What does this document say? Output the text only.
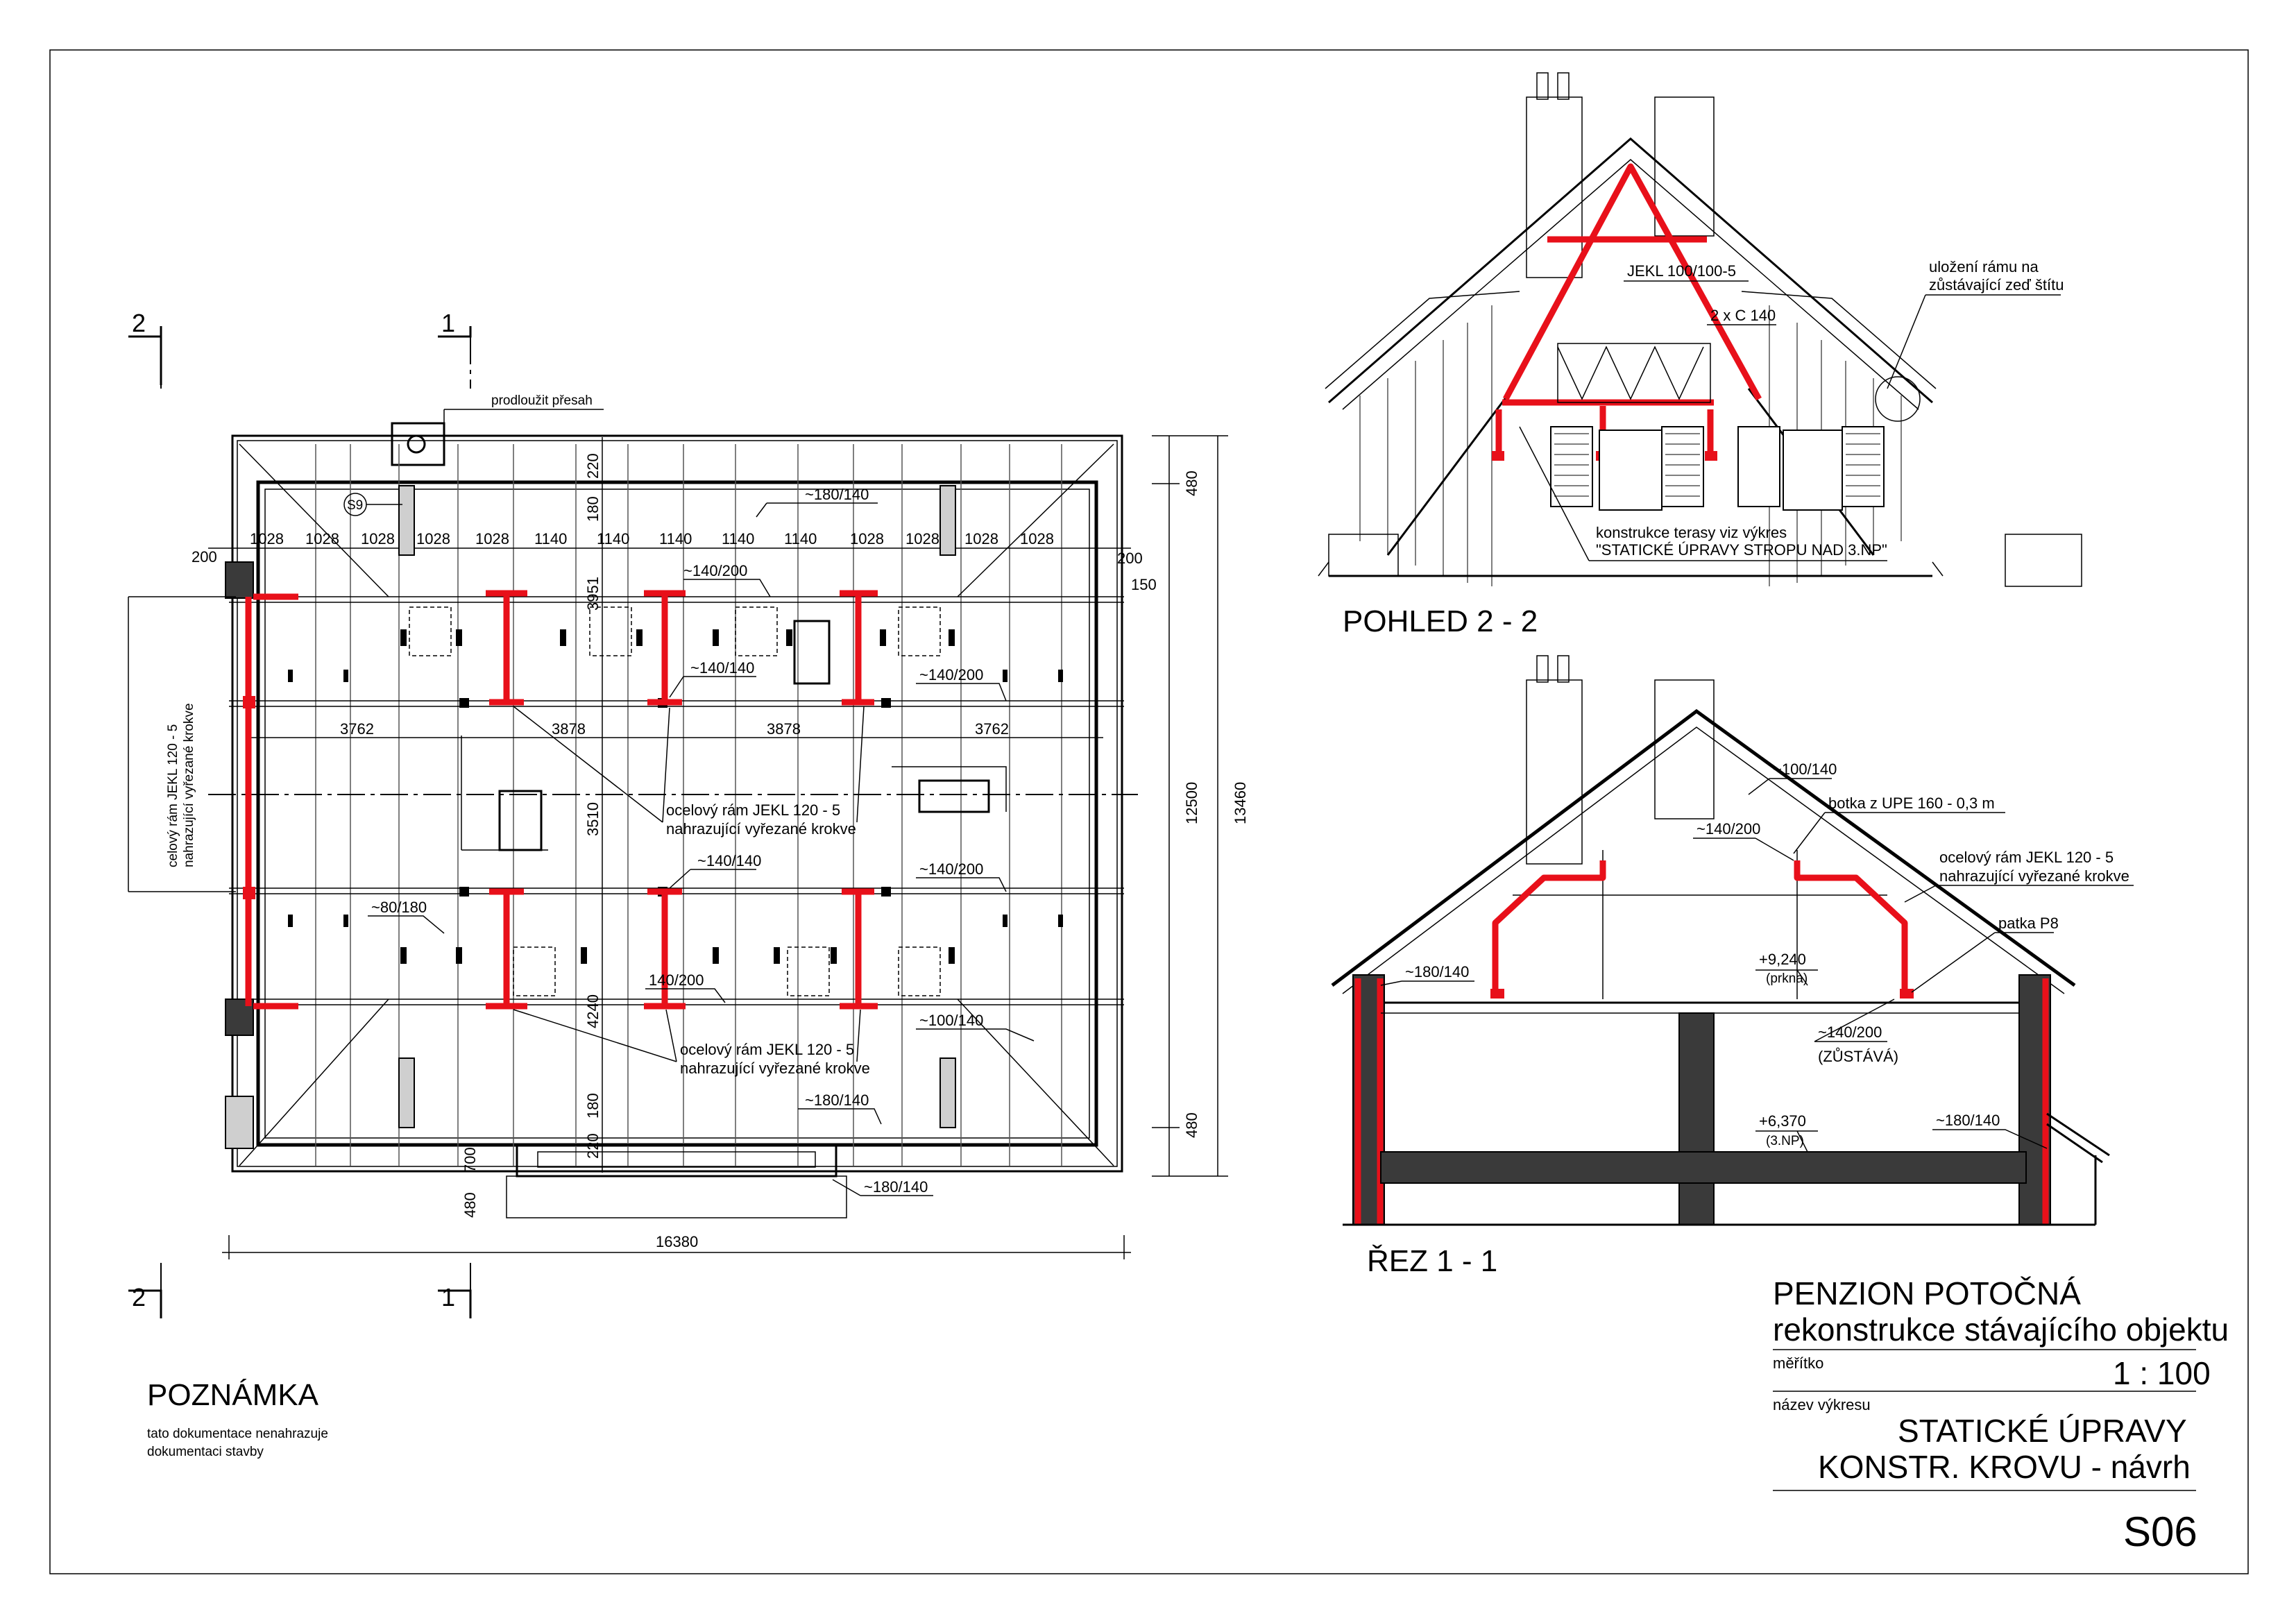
2	1
2	1
prodloužit přesah
200
1028 1028 1028 1028 1028 1140 1140 1140 1140 1140 1028 1028 1028 1028
200
3762	3878	3878	3762
180
220
3951
3510
4240
220
180
480
12500 13460
480
150
16380
480
700
celový rám JEKL 120 - 5 nahrazující vyřezané krokve
S9
~180/140
~140/200
~140/140	~140/200
ocelový rám JEKL 120 - 5
nahrazující vyřezané krokve
~140/140	~140/200
~80/180
140/200
~100/140
ocelový rám JEKL 120 - 5
nahrazující vyřezané krokve
~180/140
~180/140
JEKL 100/100-5
2 x C 140
uložení rámu na
zůstávající zeď štítu
konstrukce terasy viz výkres
"STATICKÉ ÚPRAVY STROPU NAD 3.NP"
POHLED 2 - 2
~100/140
botka z UPE 160 - 0,3 m
~140/200
ocelový rám JEKL 120 - 5
nahrazující vyřezané krokve
patka P8
~180/140
+9,240
(prkna)
~140/200
(ZŮSTÁVÁ)
+6,370
(3.NP)
~180/140
ŘEZ 1 - 1
POZNÁMKA
tato dokumentace nenahrazuje
dokumentaci stavby
PENZION POTOČNÁ
rekonstrukce stávajícího objektu
měřítko	1 : 100
název výkresu
STATICKÉ ÚPRAVY
KONSTR. KROVU - návrh
S06
